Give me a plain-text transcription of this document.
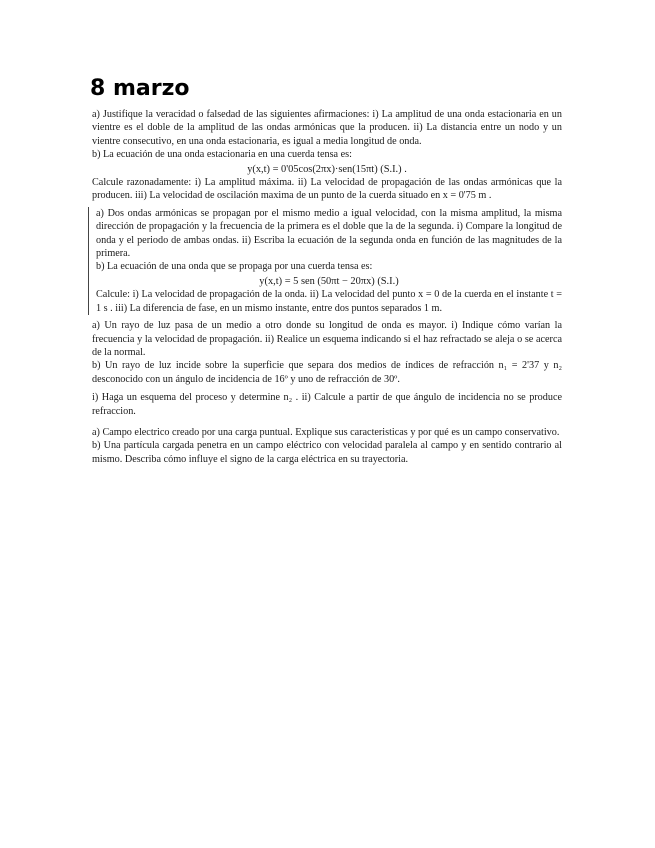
8 marzo

a) Justifique la veracidad o falsedad de las siguientes afirmaciones: i) La amplitud de una onda estacionaria en un vientre es el doble de la amplitud de las ondas armónicas que la producen. ii) La distancia entre un nodo y un vientre consecutivo, en una onda estacionaria, es igual a media longitud de onda.

b) La ecuación de una onda estacionaria en una cuerda tensa es:

y(x,t) = 0'05cos(2πx)·sen(15πt) (S.I.) .

Calcule razonadamente: i) La amplitud máxima. ii) La velocidad de propagación de las ondas armónicas que la producen. iii) La velocidad de oscilación maxima de un punto de la cuerda situado en x = 0'75 m .

a) Dos ondas armónicas se propagan por el mismo medio a igual velocidad, con la misma amplitud, la misma dirección de propagación y la frecuencia de la primera es el doble que la de la segunda. i) Compare la longitud de onda y el periodo de ambas ondas. ii) Escriba la ecuación de la segunda onda en función de las magnitudes de la primera.

b) La ecuación de una onda que se propaga por una cuerda tensa es:

y(x,t) = 5 sen (50πt − 20πx) (S.I.)

Calcule: i) La velocidad de propagación de la onda. ii) La velocidad del punto x = 0 de la cuerda en el instante t = 1 s . iii) La diferencia de fase, en un mismo instante, entre dos puntos separados 1 m.

a) Un rayo de luz pasa de un medio a otro donde su longitud de onda es mayor. i) Indique cómo varían la frecuencia y la velocidad de propagación. ii) Realice un esquema indicando si el haz refractado se aleja o se acerca de la normal.

b) Un rayo de luz incide sobre la superficie que separa dos medios de índices de refracción n₁ = 2'37 y n₂ desconocido con un ángulo de incidencia de 16º y uno de refracción de 30º.

i) Haga un esquema del proceso y determine n₂ . ii) Calcule a partir de que ángulo de incidencia no se produce refraccion.

a) Campo electrico creado por una carga puntual. Explique sus caracteristicas y por qué es un campo conservativo.

b) Una partícula cargada penetra en un campo eléctrico con velocidad paralela al campo y en sentido contrario al mismo. Describa cómo influye el signo de la carga eléctrica en su trayectoria.
